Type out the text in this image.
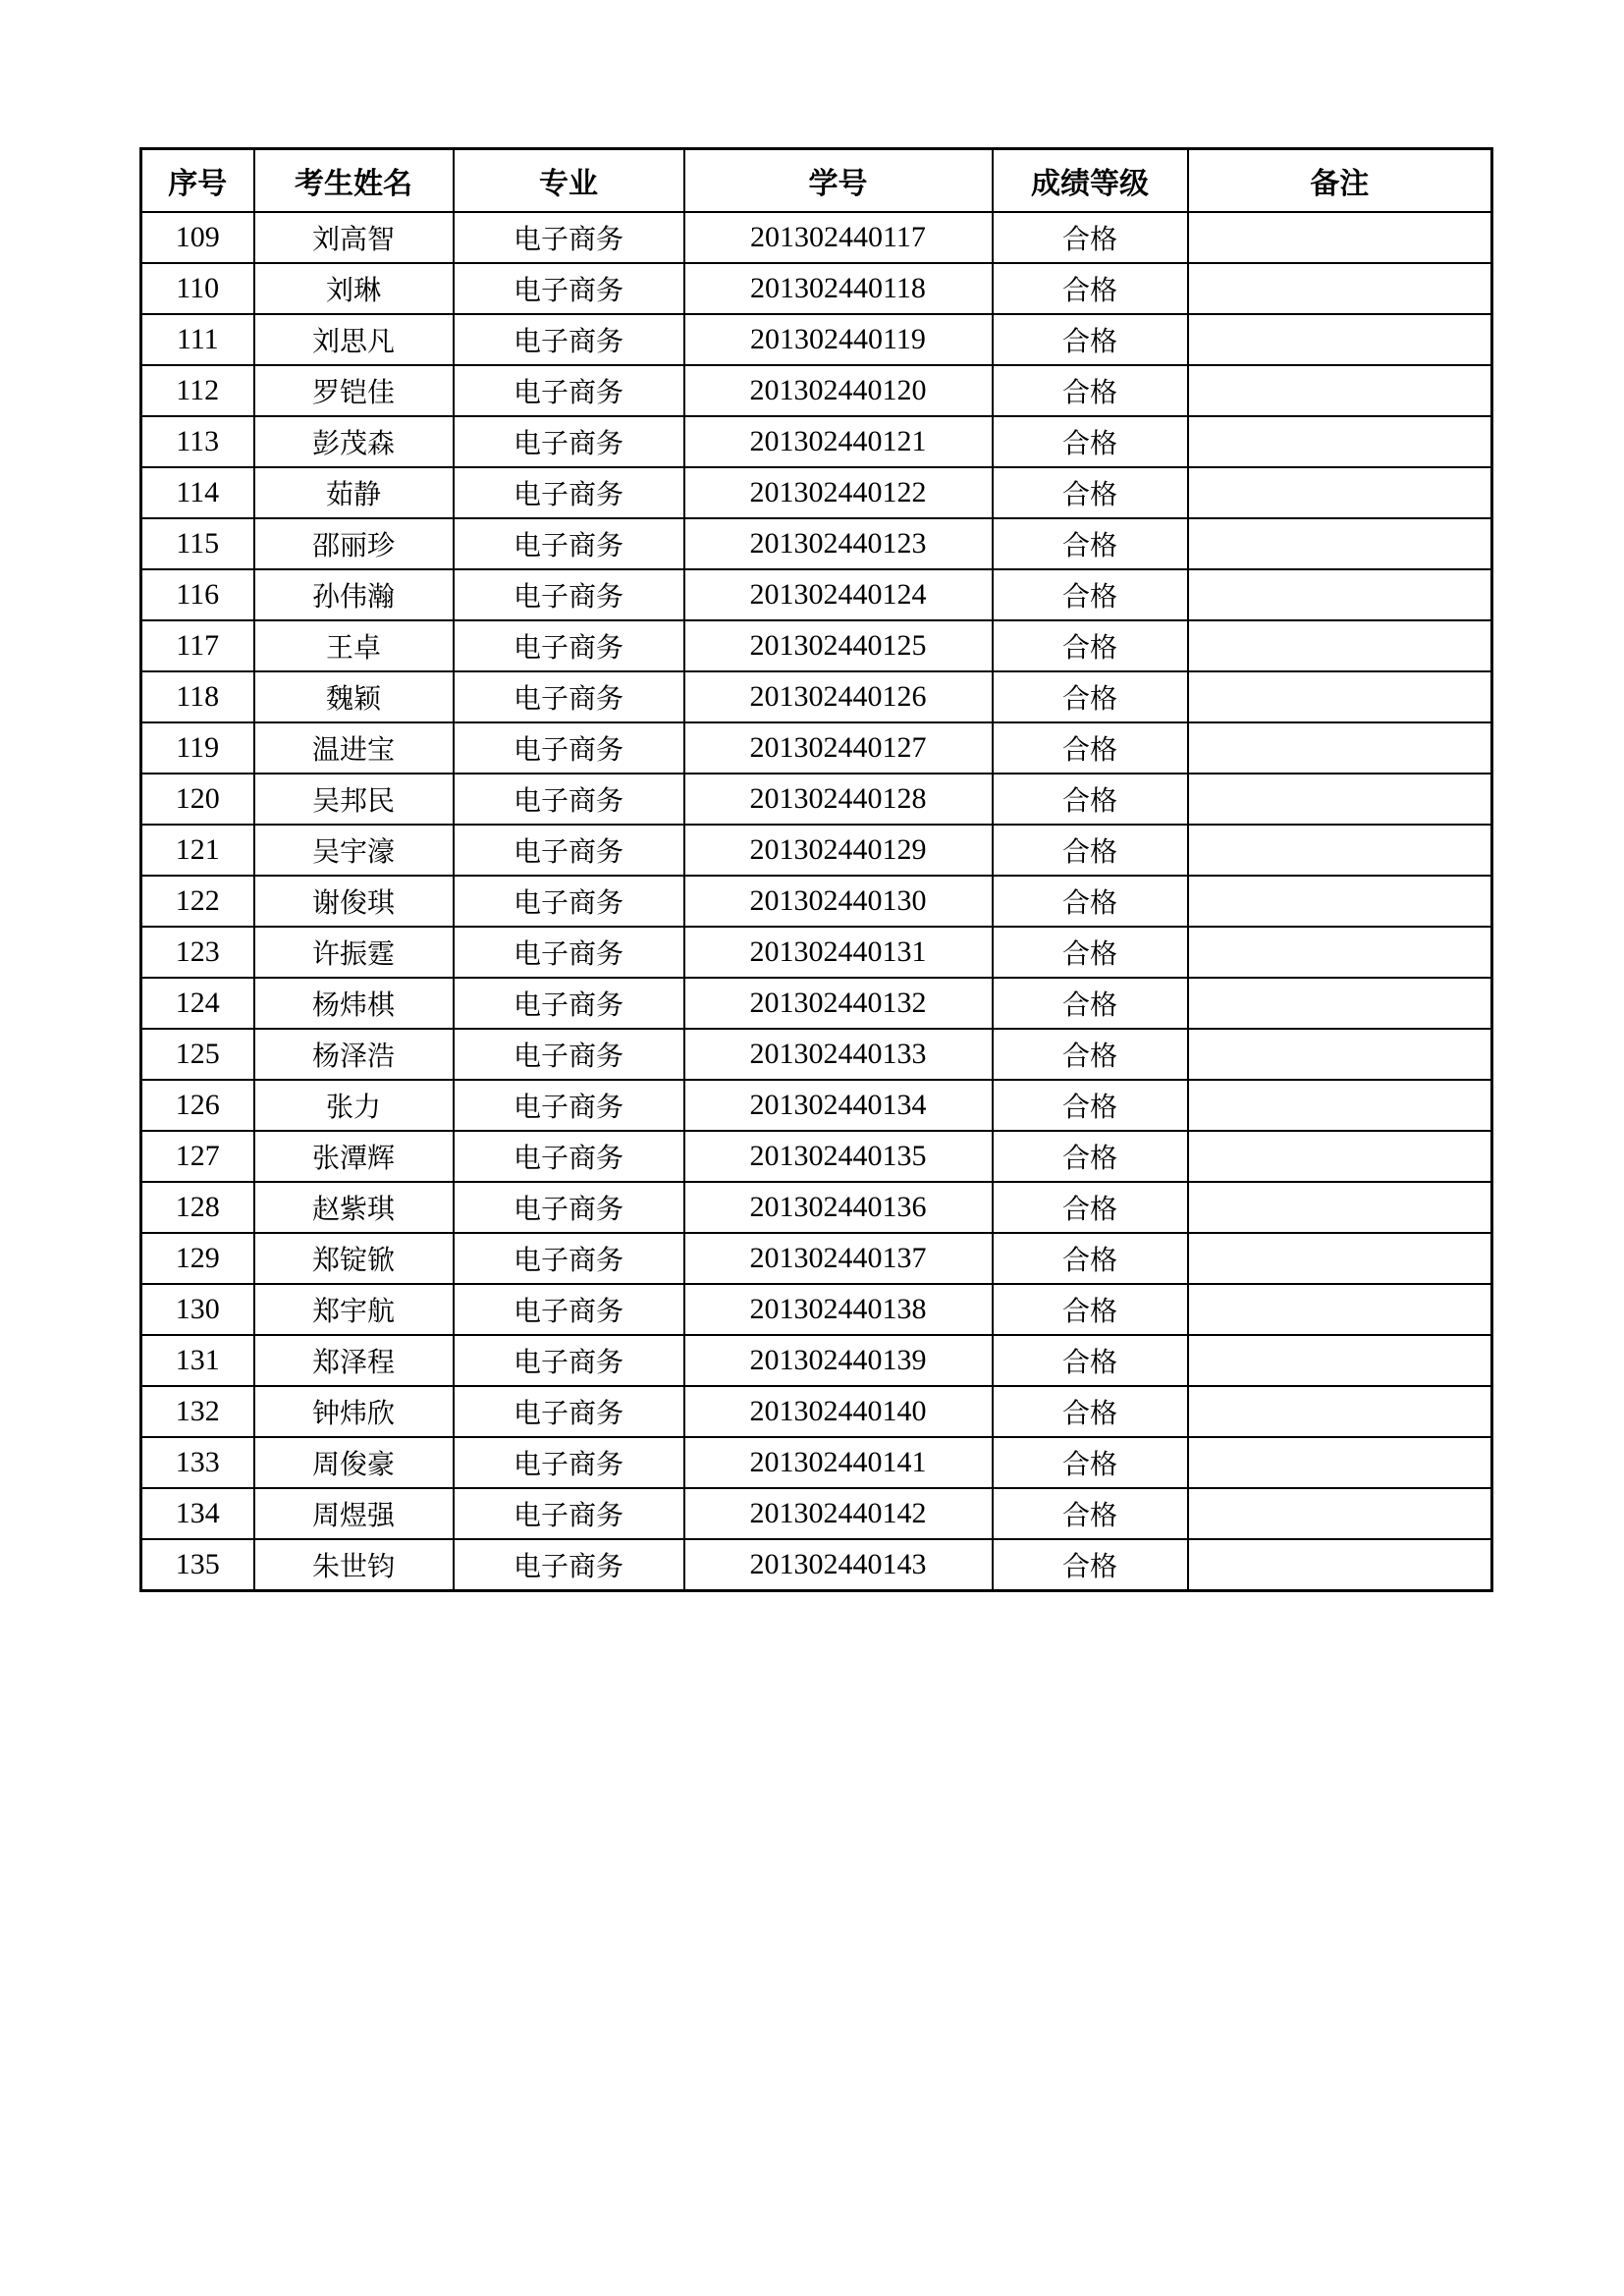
序号	考生姓名	专业	学号	成绩等级	备注
109	刘高智	电子商务	201302440117	合格	
110	刘琳	电子商务	201302440118	合格	
111	刘思凡	电子商务	201302440119	合格	
112	罗铠佳	电子商务	201302440120	合格	
113	彭茂森	电子商务	201302440121	合格	
114	茹静	电子商务	201302440122	合格	
115	邵丽珍	电子商务	201302440123	合格	
116	孙伟瀚	电子商务	201302440124	合格	
117	王卓	电子商务	201302440125	合格	
118	魏颖	电子商务	201302440126	合格	
119	温进宝	电子商务	201302440127	合格	
120	吴邦民	电子商务	201302440128	合格	
121	吴宇濠	电子商务	201302440129	合格	
122	谢俊琪	电子商务	201302440130	合格	
123	许振霆	电子商务	201302440131	合格	
124	杨炜棋	电子商务	201302440132	合格	
125	杨泽浩	电子商务	201302440133	合格	
126	张力	电子商务	201302440134	合格	
127	张潭辉	电子商务	201302440135	合格	
128	赵紫琪	电子商务	201302440136	合格	
129	郑锭锨	电子商务	201302440137	合格	
130	郑宇航	电子商务	201302440138	合格	
131	郑泽程	电子商务	201302440139	合格	
132	钟炜欣	电子商务	201302440140	合格	
133	周俊豪	电子商务	201302440141	合格	
134	周煜强	电子商务	201302440142	合格	
135	朱世钧	电子商务	201302440143	合格	
